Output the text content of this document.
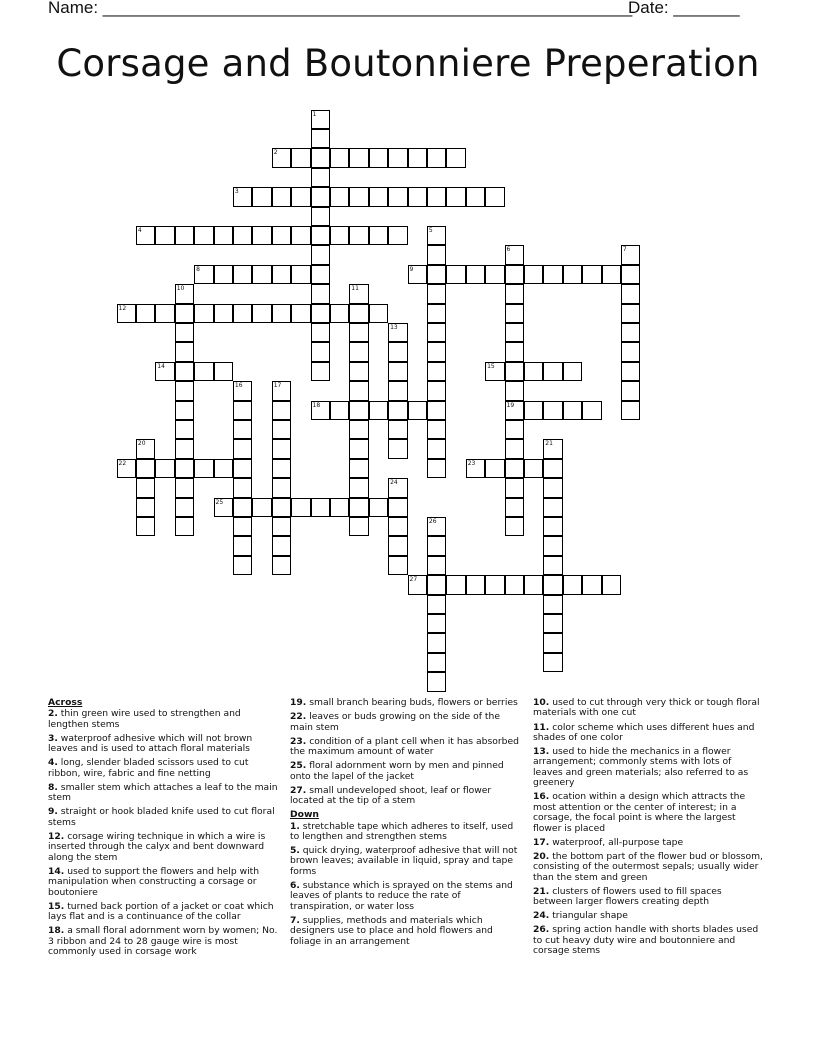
Name: ________________________________________________________
Date: _______
Corsage and Boutonniere Preperation
1
2
3
4	5
6
19
7
8	9
10	11
12
13
14	15
16	17
18
20	21
22	23
24
25
26
27
Across
2. thin green wire used to strengthen and lengthen stems
3. waterproof adhesive which will not brown leaves and is used to attach floral materials
4. long, slender bladed scissors used to cut ribbon, wire, fabric and fine netting
8. smaller stem which attaches a leaf to the main stem
9. straight or hook bladed knife used to cut floral stems
12. corsage wiring technique in which a wire is inserted through the calyx and bent downward along the stem
14. used to support the flowers and help with manipulation when constructing a corsage or boutoniere
15. turned back portion of a jacket or coat which lays flat and is a continuance of the collar
18. a small floral adornment worn by women; No. 3 ribbon and 24 to 28 gauge wire is most commonly used in corsage work
19. small branch bearing buds, flowers or berries
22. leaves or buds growing on the side of the main stem
23. condition of a plant cell when it has absorbed the maximum amount of water
25. floral adornment worn by men and pinned onto the lapel of the jacket
27. small undeveloped shoot, leaf or flower located at the tip of a stem
Down
1. stretchable tape which adheres to itself, used to lengthen and strengthen stems
5. quick drying, waterproof adhesive that will not brown leaves; available in liquid, spray and tape forms
6. substance which is sprayed on the stems and leaves of plants to reduce the rate of transpiration, or water loss
7. supplies, methods and materials which designers use to place and hold flowers and foliage in an arrangement
10. used to cut through very thick or tough floral materials with one cut
11. color scheme which uses different hues and shades of one color
13. used to hide the mechanics in a flower arrangement; commonly stems with lots of leaves and green materials; also referred to as greenery
16. ocation within a design which attracts the most attention or the center of interest; in a corsage, the focal point is where the largest flower is placed
17. waterproof, all-purpose tape
20. the bottom part of the flower bud or blossom, consisting of the outermost sepals; usually wider than the stem and green
21. clusters of flowers used to fill spaces between larger flowers creating depth
24. triangular shape
26. spring action handle with shorts blades used to cut heavy duty wire and boutonniere and corsage stems
